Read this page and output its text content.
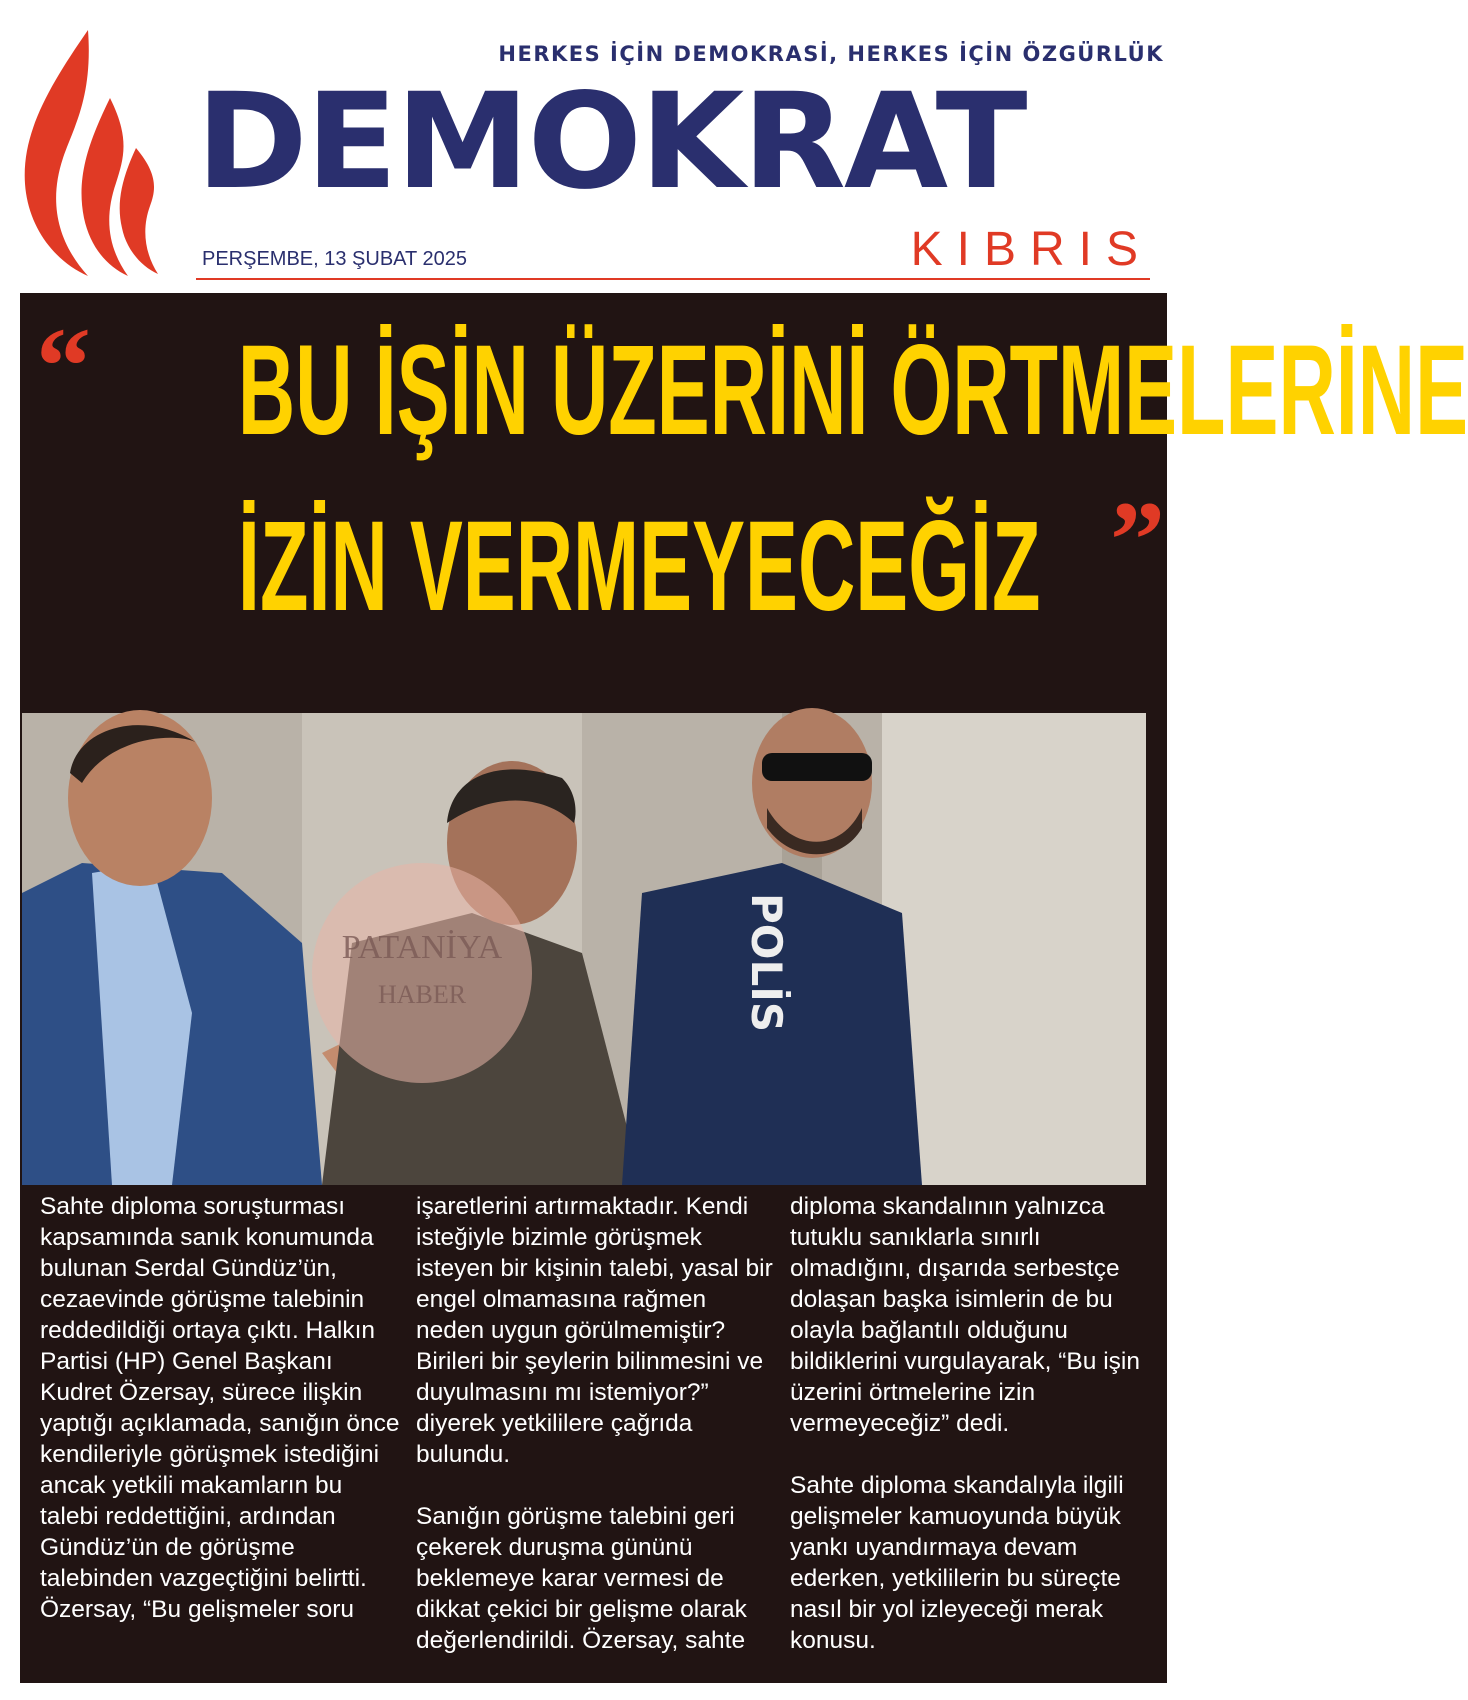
HERKES İÇİN DEMOKRASİ, HERKES İÇİN ÖZGÜRLÜK
DEMOKRAT
PERŞEMBE, 13 ŞUBAT 2025	KIBRIS
“ BU İŞİN ÜZERİNİ ÖRTMELERİNE
İZİN VERMEYECEĞİZ ”
PATANİYA
HABER	POLİS

Sahte diploma soruşturması kapsamında sanık konumunda bulunan Serdal Gündüz’ün, cezaevinde görüşme talebinin reddedildiği ortaya çıktı. Halkın Partisi (HP) Genel Başkanı Kudret Özersay, sürece ilişkin yaptığı açıklamada, sanığın önce kendileriyle görüşmek istediğini ancak yetkili makamların bu talebi reddettiğini, ardından Gündüz’ün de görüşme talebinden vazgeçtiğini belirtti. Özersay, “Bu gelişmeler soru

işaretlerini artırmaktadır. Kendi isteğiyle bizimle görüşmek isteyen bir kişinin talebi, yasal bir engel olmamasına rağmen neden uygun görülmemiştir? Birileri bir şeylerin bilinmesini ve duyulmasını mı istemiyor?” diyerek yetkililere çağrıda bulundu.

Sanığın görüşme talebini geri çekerek duruşma gününü beklemeye karar vermesi de dikkat çekici bir gelişme olarak değerlendirildi. Özersay, sahte

diploma skandalının yalnızca tutuklu sanıklarla sınırlı olmadığını, dışarıda serbestçe dolaşan başka isimlerin de bu olayla bağlantılı olduğunu bildiklerini vurgulayarak, “Bu işin üzerini örtmelerine izin vermeyeceğiz” dedi.

Sahte diploma skandalıyla ilgili gelişmeler kamuoyunda büyük yankı uyandırmaya devam ederken, yetkililerin bu süreçte nasıl bir yol izleyeceği merak konusu.
